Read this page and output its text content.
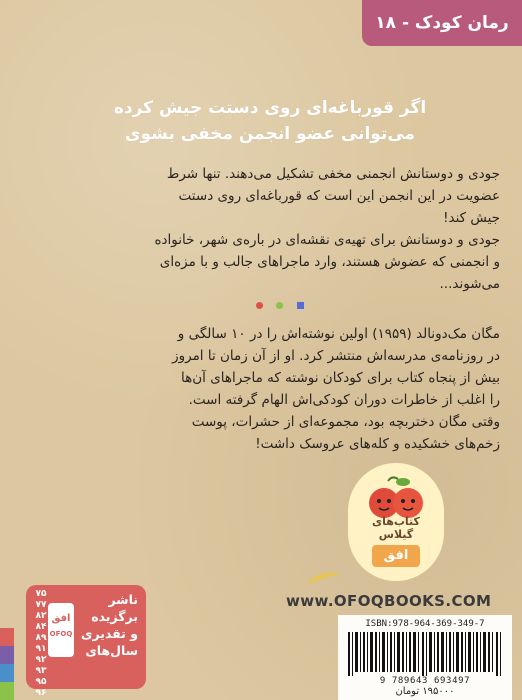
رمان کودک - ۱۸
اگر قورباغه‌ای روی دستت جیش کرده
می‌توانی عضو انجمن مخفی بشوی
جودی و دوستانش انجمنی مخفی تشکیل می‌دهند. تنها شرط
عضویت در این انجمن این است که قورباغه‌ای روی دستت
جیش کند!
جودی و دوستانش برای تهیه‌ی نقشه‌ای در باره‌ی شهر، خانواده
و انجمنی که عضوش هستند، وارد ماجراهای جالب و با مزه‌ای
می‌شوند...
مگان مک‌دونالد (۱۹۵۹) اولین نوشته‌اش را در ۱۰ سالگی و
در روزنامه‌ی مدرسه‌اش منتشر کرد. او از آن زمان تا امروز
بیش از پنجاه کتاب برای کودکان نوشته که ماجراهای آن‌ها
را اغلب از خاطرات دوران کودکی‌اش الهام گرفته است.
وقتی مگان دختربچه بود، مجموعه‌ای از حشرات، پوست
زخم‌های خشکیده و کله‌های عروسک داشت!
کتاب‌های گیلاس
افق
www.OFOQBOOKS.COM
۷۵
۷۷
۸۲
۸۴
۸۹
۹۱
۹۲
۹۳
۹۵
۹۶
افق
OFOQ
ناشر
برگزیده
و تقدیری
سال‌های
ISBN:978-964-369-349-7
9 789643 693497
۱۹۵۰۰۰ تومان
